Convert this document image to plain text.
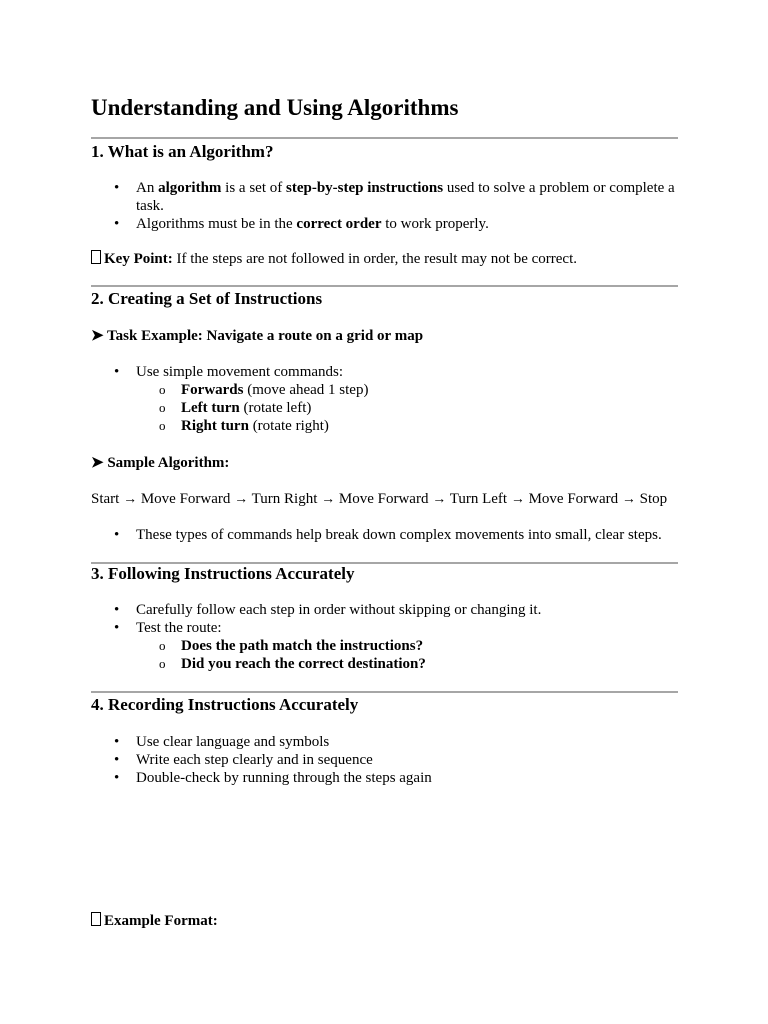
Understanding and Using Algorithms
1. What is an Algorithm?
• An algorithm is a set of step-by-step instructions used to solve a problem or complete a task.
• Algorithms must be in the correct order to work properly.
Key Point: If the steps are not followed in order, the result may not be correct.
2. Creating a Set of Instructions
➤ Task Example: Navigate a route on a grid or map
• Use simple movement commands:
o Forwards (move ahead 1 step)
o Left turn (rotate left)
o Right turn (rotate right)
➤ Sample Algorithm:
Start → Move Forward → Turn Right → Move Forward → Turn Left → Move Forward → Stop
• These types of commands help break down complex movements into small, clear steps.
3. Following Instructions Accurately
• Carefully follow each step in order without skipping or changing it.
• Test the route:
o Does the path match the instructions?
o Did you reach the correct destination?
4. Recording Instructions Accurately
• Use clear language and symbols
• Write each step clearly and in sequence
• Double-check by running through the steps again
Example Format:
